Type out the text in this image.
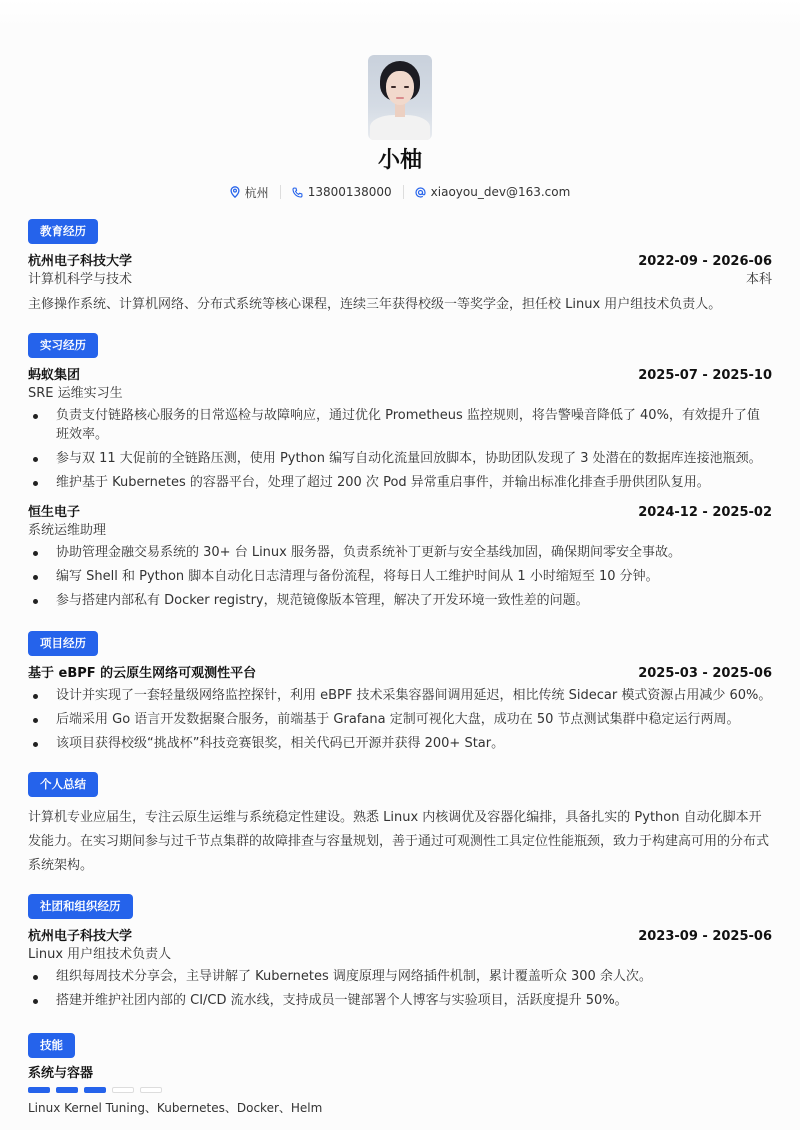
小柚
杭州	13800138000	xiaoyou_dev@163.com
教育经历
杭州电子科技大学	2022-09 - 2026-06
计算机科学与技术	本科
主修操作系统、计算机网络、分布式系统等核心课程，连续三年获得校级一等奖学金，担任校 Linux 用户组技术负责人。
实习经历
蚂蚁集团	2025-07 - 2025-10
SRE 运维实习生
负责支付链路核心服务的日常巡检与故障响应，通过优化 Prometheus 监控规则，将告警噪音降低了 40%，有效提升了值班效率。
参与双 11 大促前的全链路压测，使用 Python 编写自动化流量回放脚本，协助团队发现了 3 处潜在的数据库连接池瓶颈。
维护基于 Kubernetes 的容器平台，处理了超过 200 次 Pod 异常重启事件，并输出标准化排查手册供团队复用。
恒生电子	2024-12 - 2025-02
系统运维助理
协助管理金融交易系统的 30+ 台 Linux 服务器，负责系统补丁更新与安全基线加固，确保期间零安全事故。
编写 Shell 和 Python 脚本自动化日志清理与备份流程，将每日人工维护时间从 1 小时缩短至 10 分钟。
参与搭建内部私有 Docker registry，规范镜像版本管理，解决了开发环境一致性差的问题。
项目经历
基于 eBPF 的云原生网络可观测性平台	2025-03 - 2025-06
设计并实现了一套轻量级网络监控探针，利用 eBPF 技术采集容器间调用延迟，相比传统 Sidecar 模式资源占用减少 60%。
后端采用 Go 语言开发数据聚合服务，前端基于 Grafana 定制可视化大盘，成功在 50 节点测试集群中稳定运行两周。
该项目获得校级“挑战杯”科技竞赛银奖，相关代码已开源并获得 200+ Star。
个人总结
计算机专业应届生，专注云原生运维与系统稳定性建设。熟悉 Linux 内核调优及容器化编排，具备扎实的 Python 自动化脚本开发能力。在实习期间参与过千节点集群的故障排查与容量规划，善于通过可观测性工具定位性能瓶颈，致力于构建高可用的分布式系统架构。
社团和组织经历
杭州电子科技大学	2023-09 - 2025-06
Linux 用户组技术负责人
组织每周技术分享会，主导讲解了 Kubernetes 调度原理与网络插件机制，累计覆盖听众 300 余人次。
搭建并维护社团内部的 CI/CD 流水线，支持成员一键部署个人博客与实验项目，活跃度提升 50%。
技能
系统与容器
Linux Kernel Tuning、Kubernetes、Docker、Helm
